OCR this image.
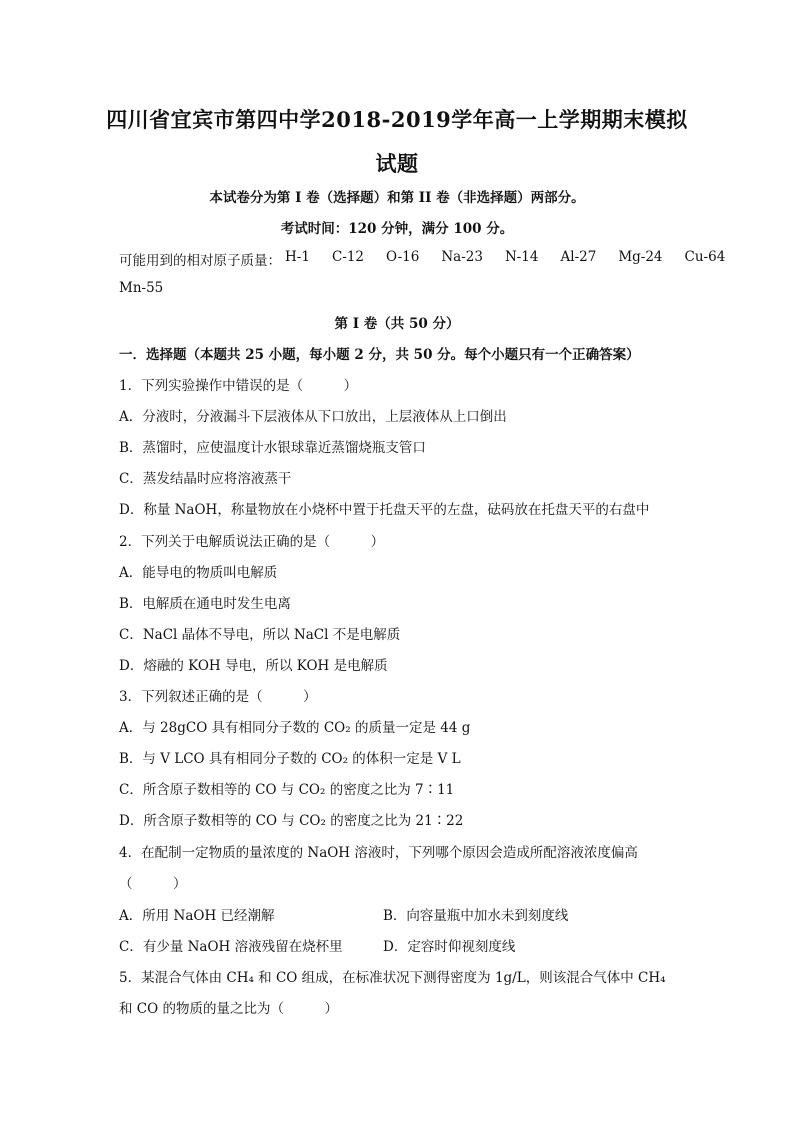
四川省宜宾市第四中学2018-2019学年高一上学期期末模拟
试题
本试卷分为第 I 卷（选择题）和第 II 卷（非选择题）两部分。
考试时间：120 分钟，满分 100 分。
可能用到的相对原子质量： H-1 C-12 O-16 Na-23 N-14 Al-27 Mg-24 Cu-64
Mn-55
第 I 卷（共 50 分）
一．选择题（本题共 25 小题，每小题 2 分，共 50 分。每个小题只有一个正确答案）
1．下列实验操作中错误的是（　　　）
A．分液时，分液漏斗下层液体从下口放出，上层液体从上口倒出
B．蒸馏时，应使温度计水银球靠近蒸馏烧瓶支管口
C．蒸发结晶时应将溶液蒸干
D．称量 NaOH，称量物放在小烧杯中置于托盘天平的左盘，砝码放在托盘天平的右盘中
2．下列关于电解质说法正确的是（　　　）
A．能导电的物质叫电解质
B．电解质在通电时发生电离
C．NaCl 晶体不导电，所以 NaCl 不是电解质
D．熔融的 KOH 导电，所以 KOH 是电解质
3．下列叙述正确的是（　　　）
A．与 28gCO 具有相同分子数的 CO₂ 的质量一定是 44 g
B．与 V LCO 具有相同分子数的 CO₂ 的体积一定是 V L
C．所含原子数相等的 CO 与 CO₂ 的密度之比为 7∶11
D．所含原子数相等的 CO 与 CO₂ 的密度之比为 21∶22
4．在配制一定物质的量浓度的 NaOH 溶液时，下列哪个原因会造成所配溶液浓度偏高
（　　　）
A．所用 NaOH 已经潮解	B．向容量瓶中加水未到刻度线
C．有少量 NaOH 溶液残留在烧杯里	D．定容时仰视刻度线
5．某混合气体由 CH₄ 和 CO 组成，在标准状况下测得密度为 1g/L，则该混合气体中 CH₄
和 CO 的物质的量之比为（　　　）
